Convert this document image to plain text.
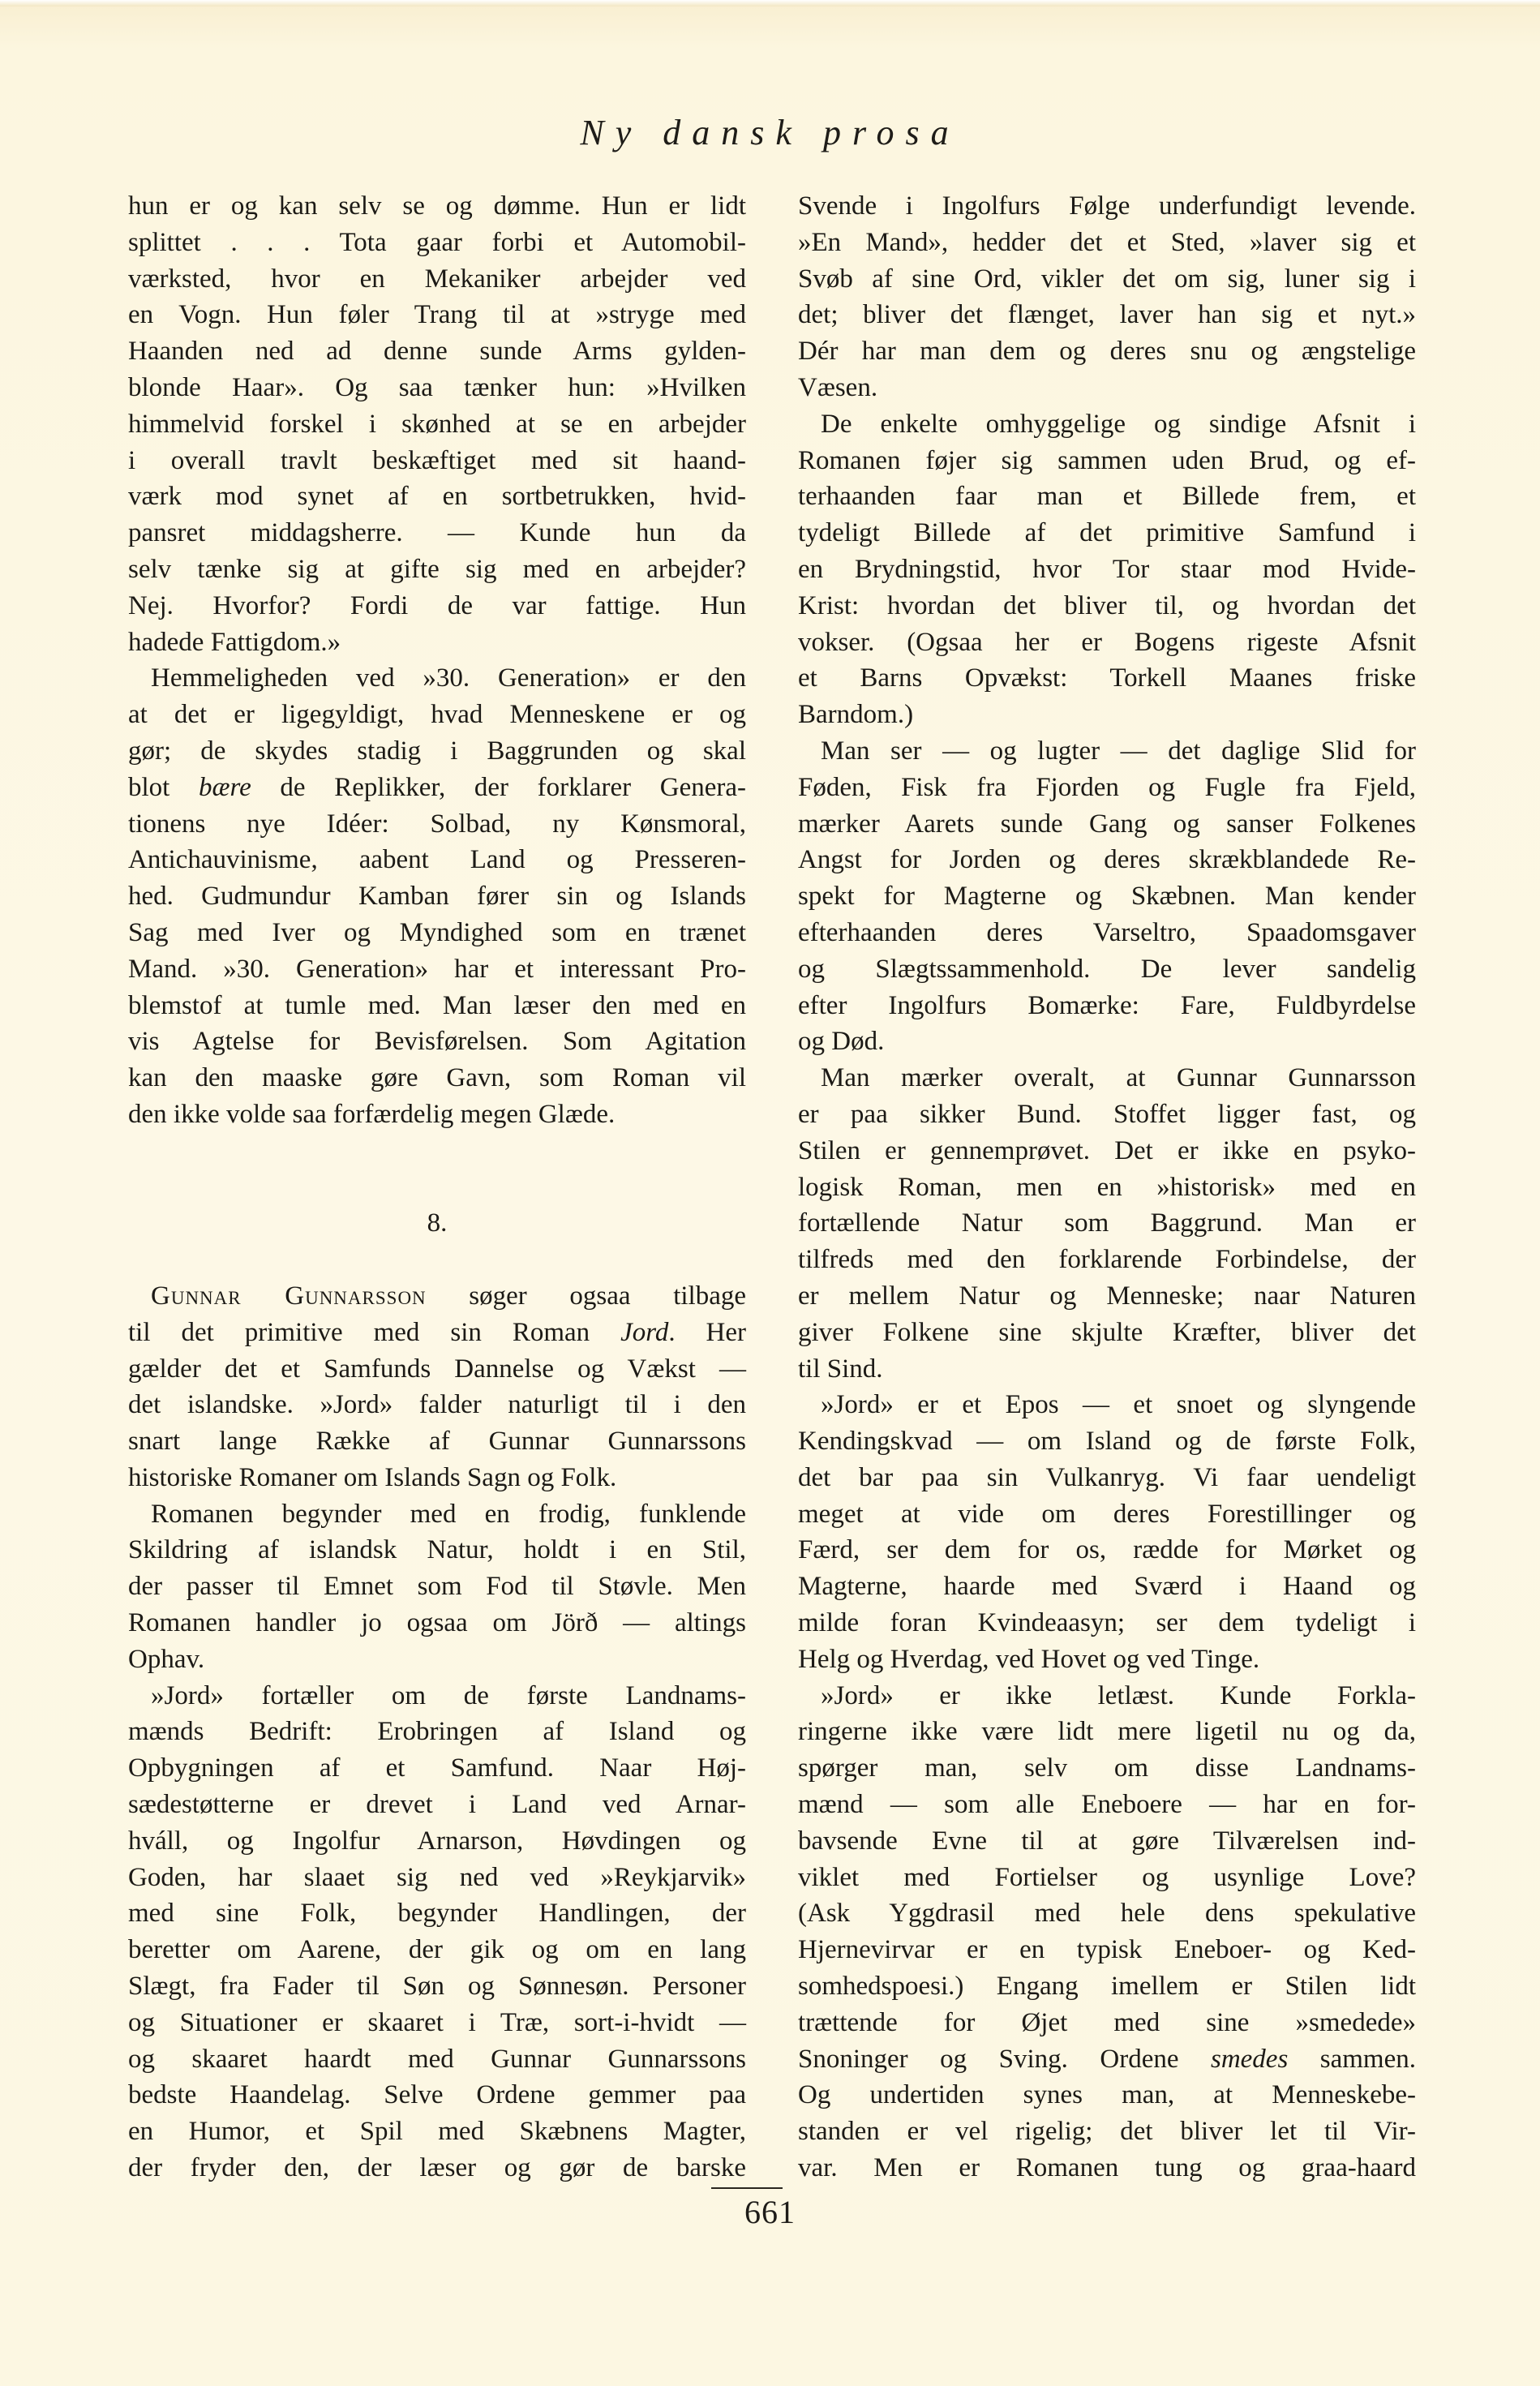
Ny dansk prosa
hun er og kan selv se og dømme. Hun er lidt
splittet . . . Tota gaar forbi et Automobil-
værksted, hvor en Mekaniker arbejder ved
en Vogn. Hun føler Trang til at »stryge med
Haanden ned ad denne sunde Arms gylden-
blonde Haar». Og saa tænker hun: »Hvilken
himmelvid forskel i skønhed at se en arbejder
i overall travlt beskæftiget med sit haand-
værk mod synet af en sortbetrukken, hvid-
pansret middagsherre. — Kunde hun da
selv tænke sig at gifte sig med en arbejder?
Nej. Hvorfor? Fordi de var fattige. Hun
hadede Fattigdom.»
Hemmeligheden ved »30. Generation» er den
at det er ligegyldigt, hvad Menneskene er og
gør; de skydes stadig i Baggrunden og skal
blot bære de Replikker, der forklarer Genera-
tionens nye Idéer: Solbad, ny Kønsmoral,
Antichauvinisme, aabent Land og Presseren-
hed. Gudmundur Kamban fører sin og Islands
Sag med Iver og Myndighed som en trænet
Mand. »30. Generation» har et interessant Pro-
blemstof at tumle med. Man læser den med en
vis Agtelse for Bevisførelsen. Som Agitation
kan den maaske gøre Gavn, som Roman vil
den ikke volde saa forfærdelig megen Glæde.
8.
Gunnar Gunnarsson søger ogsaa tilbage
til det primitive med sin Roman Jord. Her
gælder det et Samfunds Dannelse og Vækst —
det islandske. »Jord» falder naturligt til i den
snart lange Række af Gunnar Gunnarssons
historiske Romaner om Islands Sagn og Folk.
Romanen begynder med en frodig, funklende
Skildring af islandsk Natur, holdt i en Stil,
der passer til Emnet som Fod til Støvle. Men
Romanen handler jo ogsaa om Jörð — altings
Ophav.
»Jord» fortæller om de første Landnams-
mænds Bedrift: Erobringen af Island og
Opbygningen af et Samfund. Naar Høj-
sædestøtterne er drevet i Land ved Arnar-
hváll, og Ingolfur Arnarson, Høvdingen og
Goden, har slaaet sig ned ved »Reykjarvik»
med sine Folk, begynder Handlingen, der
beretter om Aarene, der gik og om en lang
Slægt, fra Fader til Søn og Sønnesøn. Personer
og Situationer er skaaret i Træ, sort-i-hvidt —
og skaaret haardt med Gunnar Gunnarssons
bedste Haandelag. Selve Ordene gemmer paa
en Humor, et Spil med Skæbnens Magter,
der fryder den, der læser og gør de barske
Svende i Ingolfurs Følge underfundigt levende.
»En Mand», hedder det et Sted, »laver sig et
Svøb af sine Ord, vikler det om sig, luner sig i
det; bliver det flænget, laver han sig et nyt.»
Dér har man dem og deres snu og ængstelige
Væsen.
De enkelte omhyggelige og sindige Afsnit i
Romanen føjer sig sammen uden Brud, og ef-
terhaanden faar man et Billede frem, et
tydeligt Billede af det primitive Samfund i
en Brydningstid, hvor Tor staar mod Hvide-
Krist: hvordan det bliver til, og hvordan det
vokser. (Ogsaa her er Bogens rigeste Afsnit
et Barns Opvækst: Torkell Maanes friske
Barndom.)
Man ser — og lugter — det daglige Slid for
Føden, Fisk fra Fjorden og Fugle fra Fjeld,
mærker Aarets sunde Gang og sanser Folkenes
Angst for Jorden og deres skrækblandede Re-
spekt for Magterne og Skæbnen. Man kender
efterhaanden deres Varseltro, Spaadomsgaver
og Slægtssammenhold. De lever sandelig
efter Ingolfurs Bomærke: Fare, Fuldbyrdelse
og Død.
Man mærker overalt, at Gunnar Gunnarsson
er paa sikker Bund. Stoffet ligger fast, og
Stilen er gennemprøvet. Det er ikke en psyko-
logisk Roman, men en »historisk» med en
fortællende Natur som Baggrund. Man er
tilfreds med den forklarende Forbindelse, der
er mellem Natur og Menneske; naar Naturen
giver Folkene sine skjulte Kræfter, bliver det
til Sind.
»Jord» er et Epos — et snoet og slyngende
Kendingskvad — om Island og de første Folk,
det bar paa sin Vulkanryg. Vi faar uendeligt
meget at vide om deres Forestillinger og
Færd, ser dem for os, rædde for Mørket og
Magterne, haarde med Sværd i Haand og
milde foran Kvindeaasyn; ser dem tydeligt i
Helg og Hverdag, ved Hovet og ved Tinge.
»Jord» er ikke letlæst. Kunde Forkla-
ringerne ikke være lidt mere ligetil nu og da,
spørger man, selv om disse Landnams-
mænd — som alle Eneboere — har en for-
bavsende Evne til at gøre Tilværelsen ind-
viklet med Fortielser og usynlige Love?
(Ask Yggdrasil med hele dens spekulative
Hjernevirvar er en typisk Eneboer- og Ked-
somhedspoesi.) Engang imellem er Stilen lidt
trættende for Øjet med sine »smedede»
Snoninger og Sving. Ordene smedes sammen.
Og undertiden synes man, at Menneskebe-
standen er vel rigelig; det bliver let til Vir-
var. Men er Romanen tung og graa-haard
661
